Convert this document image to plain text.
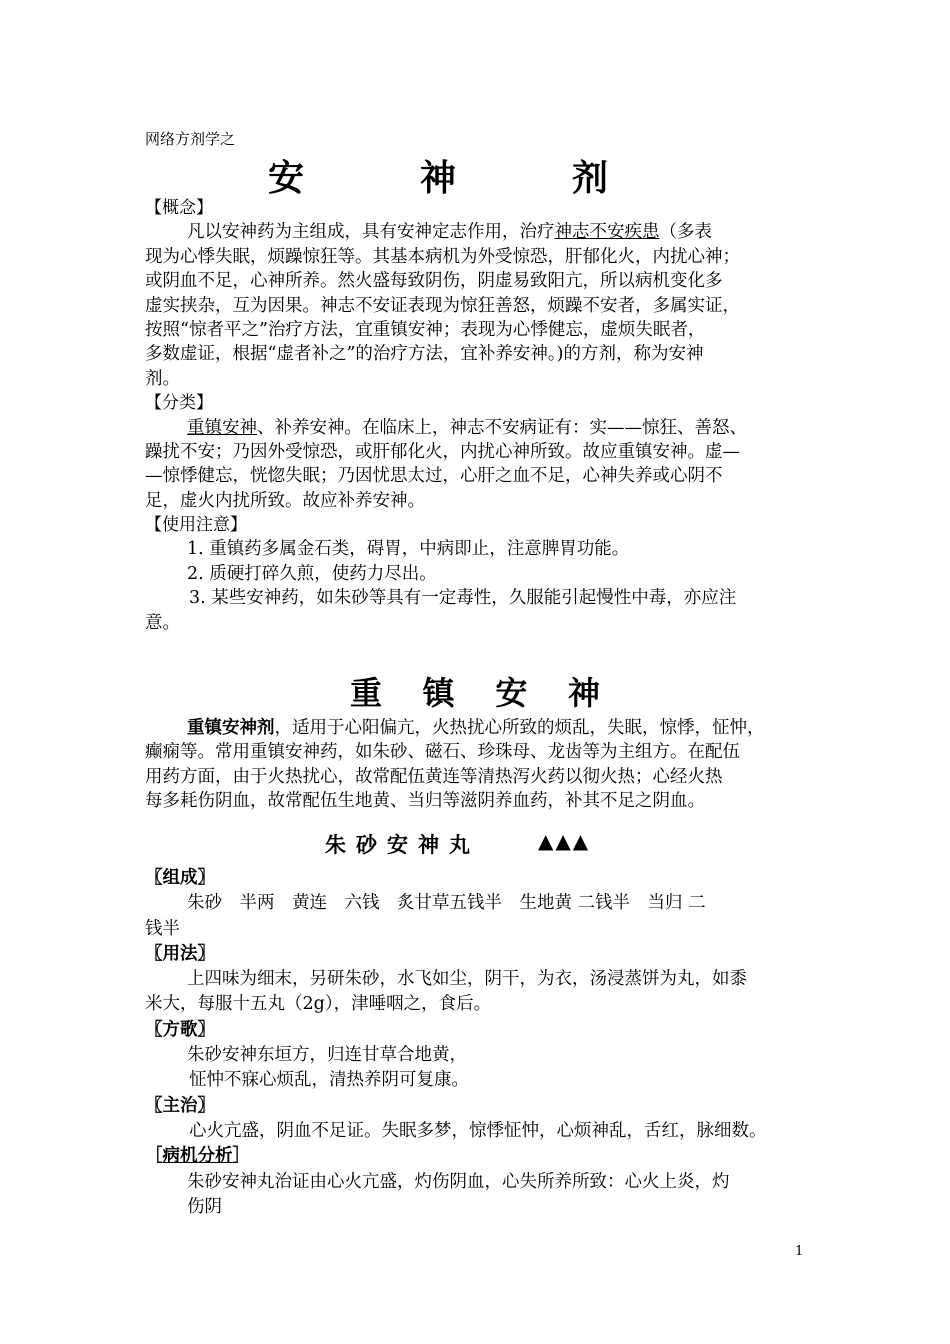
网络方剂学之
安	神	剂
【概念】
凡以安神药为主组成，具有安神定志作用，治疗神志不安疾患（多表
现为心悸失眠，烦躁惊狂等。其基本病机为外受惊恐，肝郁化火，内扰心神；
或阴血不足，心神所养。然火盛每致阴伤，阴虚易致阳亢，所以病机变化多
虚实挟杂，互为因果。神志不安证表现为惊狂善怒，烦躁不安者，多属实证，
按照“惊者平之”治疗方法，宜重镇安神；表现为心悸健忘，虚烦失眠者，
多数虚证，根据“虚者补之”的治疗方法，宜补养安神。)的方剂，称为安神
剂。
【分类】
重镇安神、补养安神。在临床上，神志不安病证有：实——惊狂、善怒、
躁扰不安；乃因外受惊恐，或肝郁化火，内扰心神所致。故应重镇安神。虚—
—惊悸健忘，恍惚失眠；乃因忧思太过，心肝之血不足，心神失养或心阴不
足，虚火内扰所致。故应补养安神。
【使用注意】
1. 重镇药多属金石类，碍胃，中病即止，注意脾胃功能。
2. 质硬打碎久煎，使药力尽出。
3. 某些安神药，如朱砂等具有一定毒性，久服能引起慢性中毒，亦应注
意。
重 镇 安 神
重镇安神剂，适用于心阳偏亢，火热扰心所致的烦乱，失眠，惊悸，怔忡，
癫痫等。常用重镇安神药，如朱砂、磁石、珍珠母、龙齿等为主组方。在配伍
用药方面，由于火热扰心，故常配伍黄连等清热泻火药以彻火热；心经火热
每多耗伤阴血，故常配伍生地黄、当归等滋阴养血药，补其不足之阴血。
朱砂安神丸	▲▲▲
〖组成〗
朱砂　半两　黄连　六钱　炙甘草五钱半　生地黄 二钱半　当归 二
钱半
〖用法〗
上四味为细末，另研朱砂，水飞如尘，阴干，为衣，汤浸蒸饼为丸，如黍
米大，每服十五丸（2g），津唾咽之，食后。
〖方歌〗
朱砂安神东垣方，归连甘草合地黄，
怔忡不寐心烦乱，清热养阴可复康。
〖主治〗
心火亢盛，阴血不足证。失眠多梦，惊悸怔忡，心烦神乱，舌红，脉细数。
［病机分析］
朱砂安神丸治证由心火亢盛，灼伤阴血，心失所养所致：心火上炎，灼
伤阴
1
